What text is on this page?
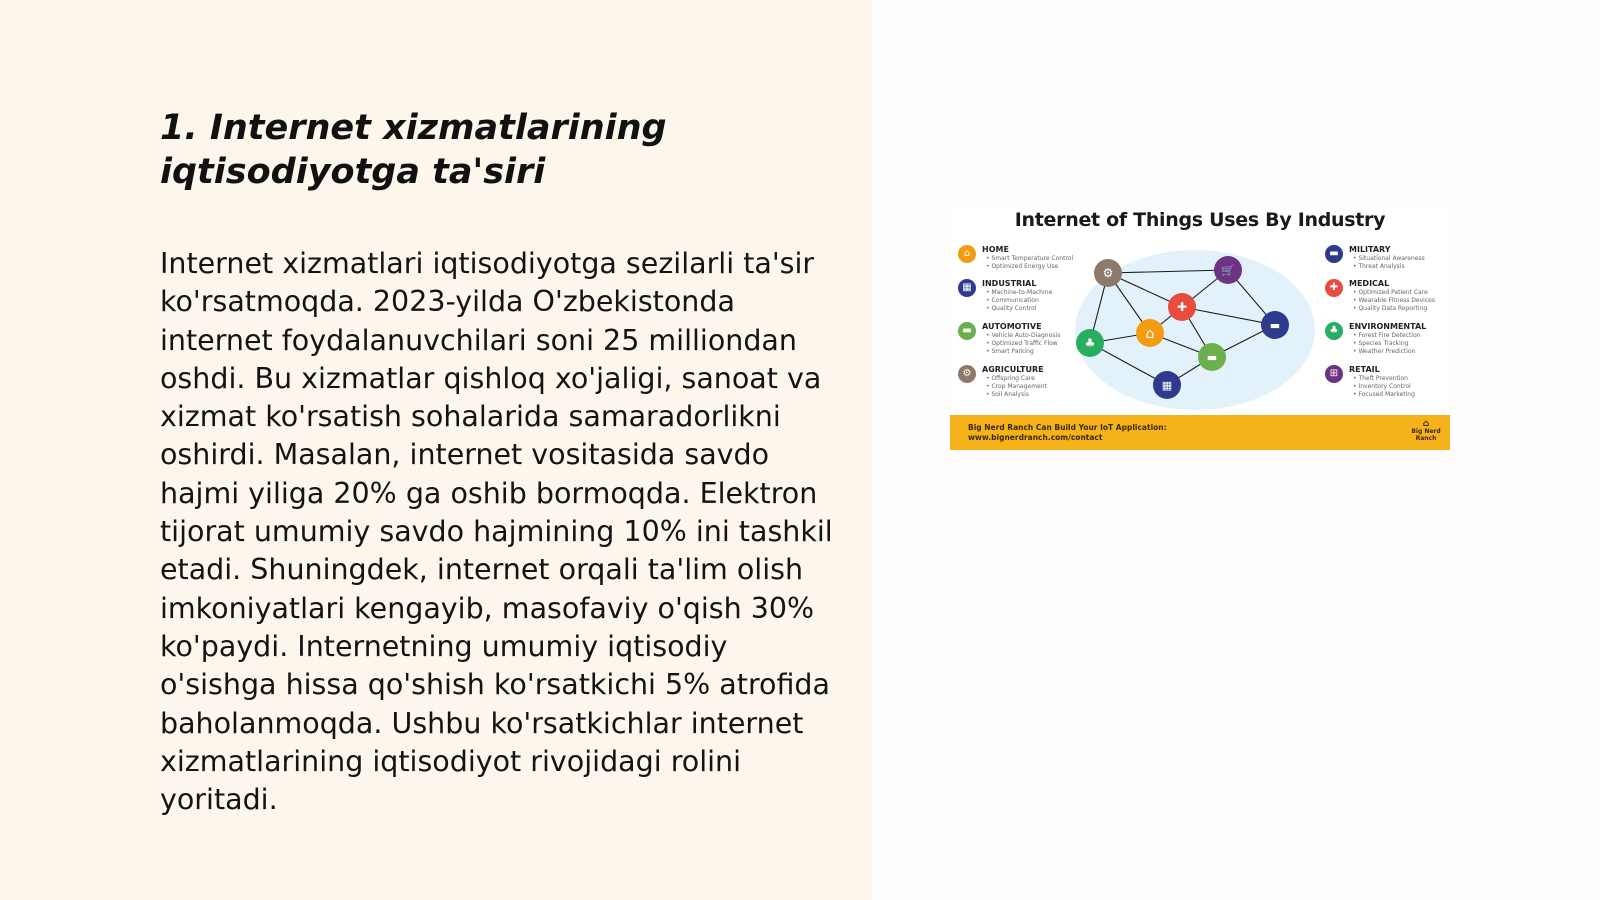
1. Internet xizmatlarining iqtisodiyotga ta'siri

Internet xizmatlari iqtisodiyotga sezilarli ta'sir ko'rsatmoqda. 2023-yilda O'zbekistonda internet foydalanuvchilari soni 25 milliondan oshdi. Bu xizmatlar qishloq xo'jaligi, sanoat va xizmat ko'rsatish sohalarida samaradorlikni oshirdi. Masalan, internet vositasida savdo hajmi yiliga 20% ga oshib bormoqda. Elektron tijorat umumiy savdo hajmining 10% ini tashkil etadi. Shuningdek, internet orqali ta'lim olish imkoniyatlari kengayib, masofaviy o'qish 30% ko'paydi. Internetning umumiy iqtisodiy o'sishga hissa qo'shish ko'rsatkichi 5% atrofida baholanmoqda. Ushbu ko'rsatkichlar internet xizmatlarining iqtisodiyot rivojidagi rolini yoritadi.

Internet of Things Uses By Industry
⌂	HOME
• Smart Temperature Control
• Optimized Energy Use
▦	INDUSTRIAL
• Machine-to-Machine
• Communication
• Quality Control
▬	AUTOMOTIVE
• Vehicle Auto-Diagnosis
• Optimized Traffic Flow
• Smart Parking
⚙	AGRICULTURE
• Offspring Care
• Crop Management
• Soil Analysis
⚙	🛒
✚
⌂
♣
▬
▬
▦
▬	MILITARY
• Situational Awareness
• Threat Analysis
✚	MEDICAL
• Optimized Patient Care
• Wearable Fitness Devices
• Quality Data Reporting
♣	ENVIRONMENTAL
• Forest Fire Detection
• Species Tracking
• Weather Prediction
⊞	RETAIL
• Theft Prevention
• Inventory Control
• Focused Marketing
Big Nerd Ranch Can Build Your IoT Application:
www.bignerdranch.com/contact
⌂
Big Nerd Ranch
